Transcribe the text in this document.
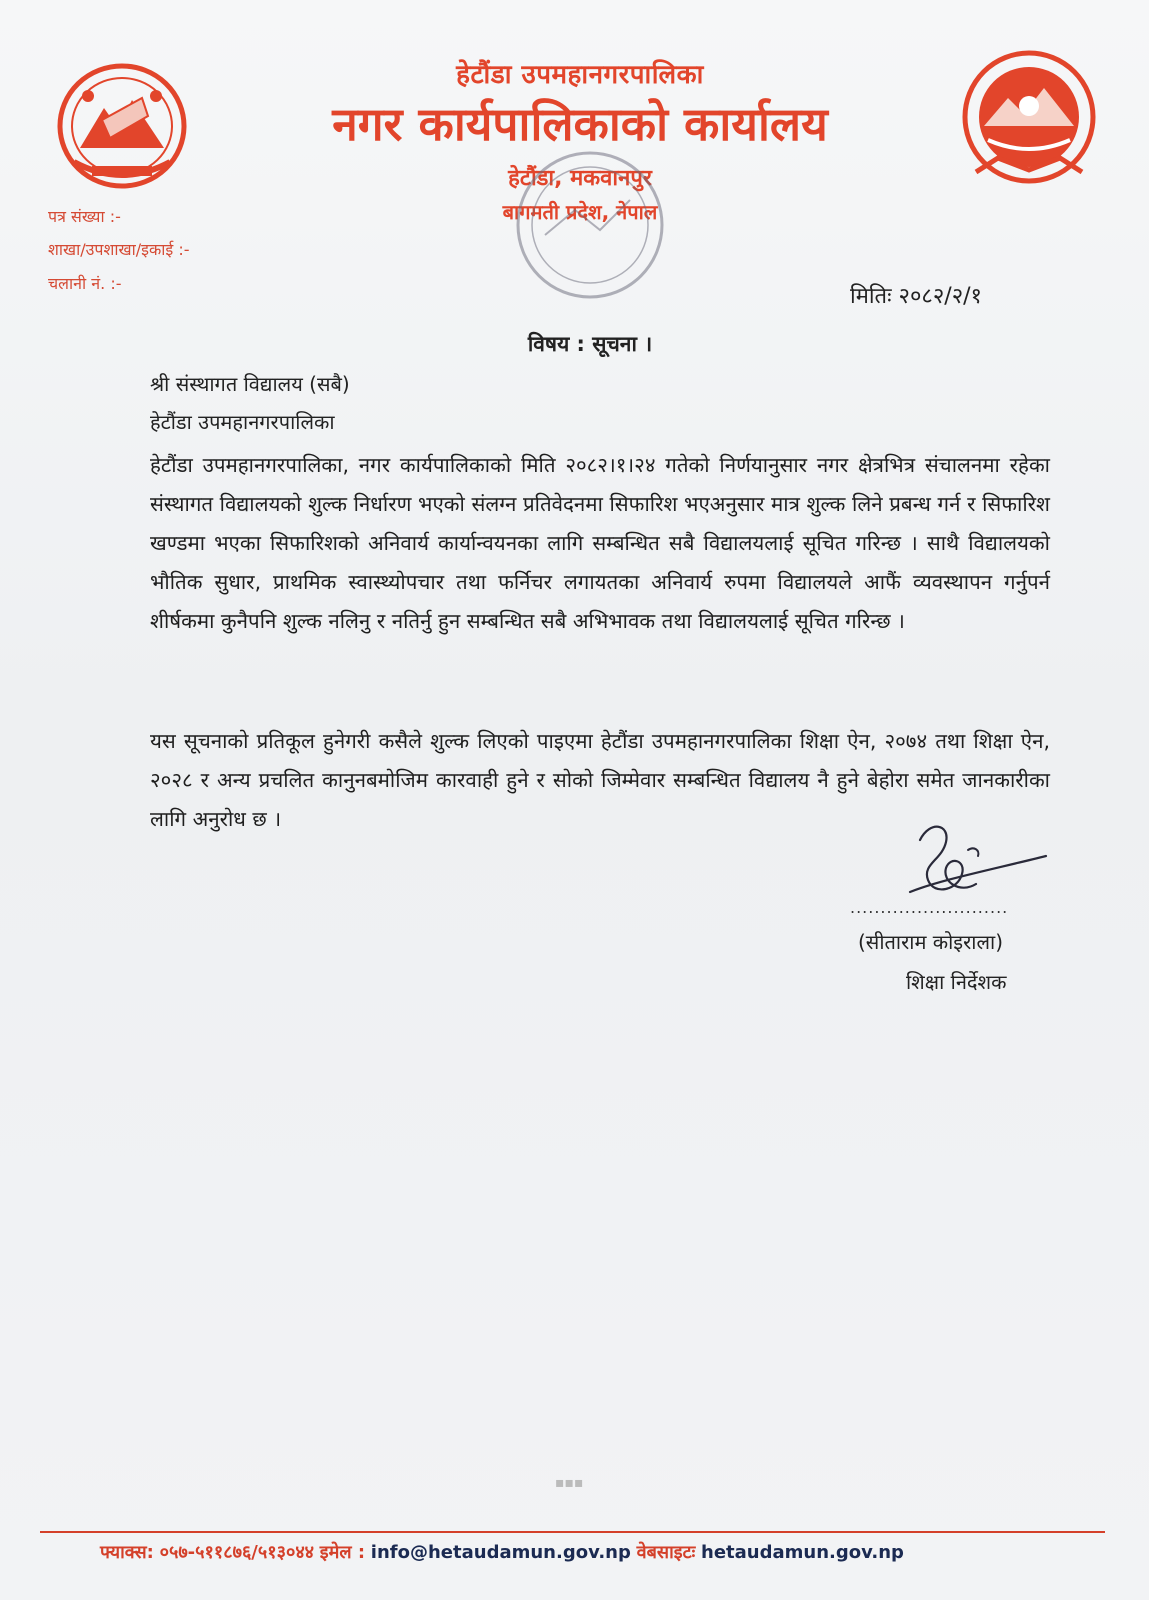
हेटौंडा उपमहानगरपालिका
नगर कार्यपालिकाको कार्यालय
हेटौंडा, मकवानपुर
बागमती प्रदेश, नेपाल
पत्र संख्या :-
शाखा/उपशाखा/इकाई :-
चलानी नं. :-
मितिः २०८२/२/१
विषय : सूचना ।
श्री संस्थागत विद्यालय (सबै)
हेटौंडा उपमहानगरपालिका
हेटौंडा उपमहानगरपालिका, नगर कार्यपालिकाको मिति २०८२।१।२४ गतेको निर्णयानुसार नगर क्षेत्रभित्र संचालनमा रहेका संस्थागत विद्यालयको शुल्क निर्धारण भएको संलग्न प्रतिवेदनमा सिफारिश भएअनुसार मात्र शुल्क लिने प्रबन्ध गर्न र सिफारिश खण्डमा भएका सिफारिशको अनिवार्य कार्यान्वयनका लागि सम्बन्धित सबै विद्यालयलाई सूचित गरिन्छ । साथै विद्यालयको भौतिक सुधार, प्राथमिक स्वास्थ्योपचार तथा फर्निचर लगायतका अनिवार्य रुपमा विद्यालयले आफैं व्यवस्थापन गर्नुपर्न शीर्षकमा कुनैपनि शुल्क नलिनु र नतिर्नु हुन सम्बन्धित सबै अभिभावक तथा विद्यालयलाई सूचित गरिन्छ ।
यस सूचनाको प्रतिकूल हुनेगरी कसैले शुल्क लिएको पाइएमा हेटौंडा उपमहानगरपालिका शिक्षा ऐन, २०७४ तथा शिक्षा ऐन, २०२८ र अन्य प्रचलित कानुनबमोजिम कारवाही हुने र सोको जिम्मेवार सम्बन्धित विद्यालय नै हुने बेहोरा समेत जानकारीका लागि अनुरोध छ ।
..........................
(सीताराम कोइराला)
शिक्षा निर्देशक
▪▪▪
फ्याक्स: ०५७-५११८७६/५१३०४४ इमेल : info@hetaudamun.gov.np वेबसाइटः hetaudamun.gov.np
